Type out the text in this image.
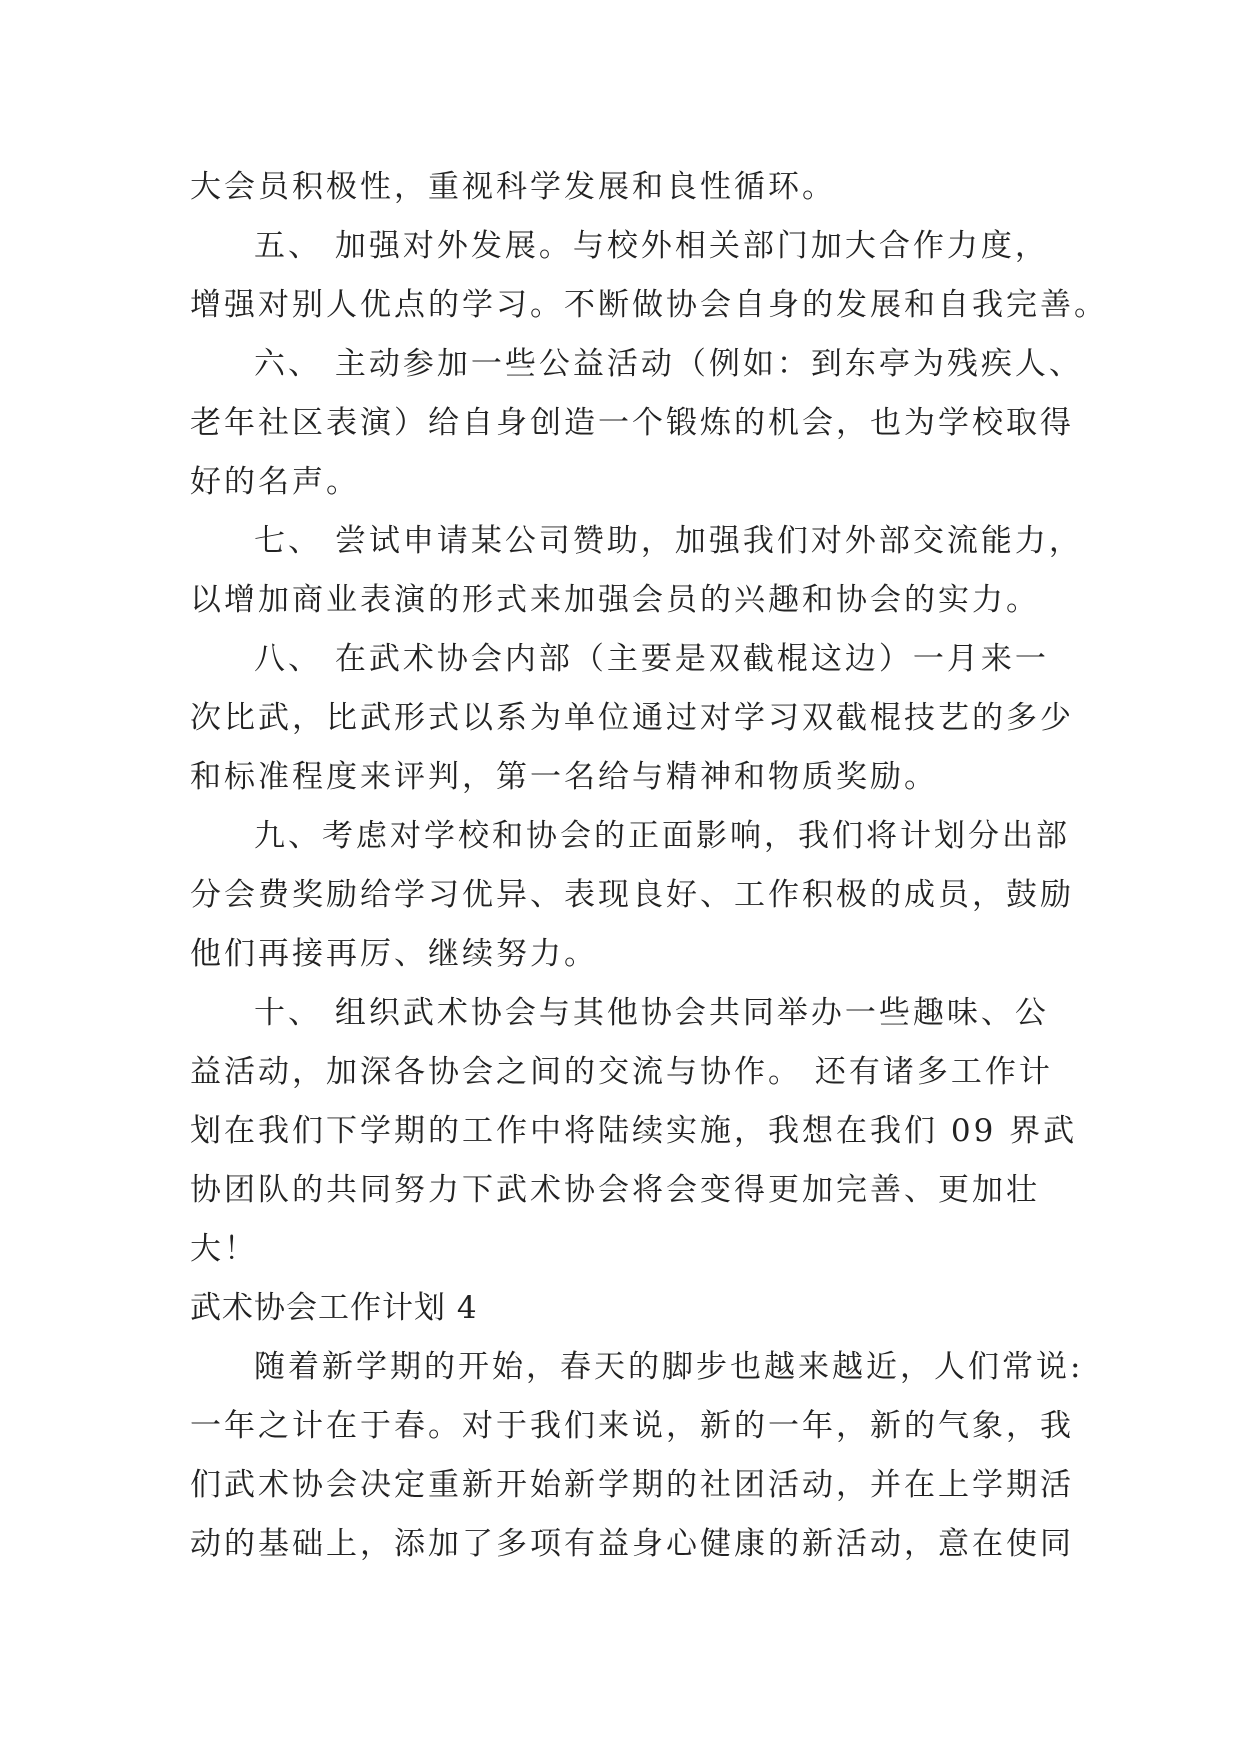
大会员积极性，重视科学发展和良性循环。
五、 加强对外发展。与校外相关部门加大合作力度，
增强对别人优点的学习。不断做协会自身的发展和自我完善。
六、 主动参加一些公益活动（例如：到东亭为残疾人、
老年社区表演）给自身创造一个锻炼的机会，也为学校取得
好的名声。
七、 尝试申请某公司赞助，加强我们对外部交流能力，
以增加商业表演的形式来加强会员的兴趣和协会的实力。
八、 在武术协会内部（主要是双截棍这边）一月来一
次比武，比武形式以系为单位通过对学习双截棍技艺的多少
和标准程度来评判，第一名给与精神和物质奖励。
九、考虑对学校和协会的正面影响，我们将计划分出部
分会费奖励给学习优异、表现良好、工作积极的成员，鼓励
他们再接再厉、继续努力。
十、 组织武术协会与其他协会共同举办一些趣味、公
益活动，加深各协会之间的交流与协作。 还有诸多工作计
划在我们下学期的工作中将陆续实施，我想在我们 09 界武
协团队的共同努力下武术协会将会变得更加完善、更加壮
大！
武术协会工作计划 4
随着新学期的开始，春天的脚步也越来越近，人们常说:
一年之计在于春。对于我们来说，新的一年，新的气象，我
们武术协会决定重新开始新学期的社团活动，并在上学期活
动的基础上，添加了多项有益身心健康的新活动，意在使同
